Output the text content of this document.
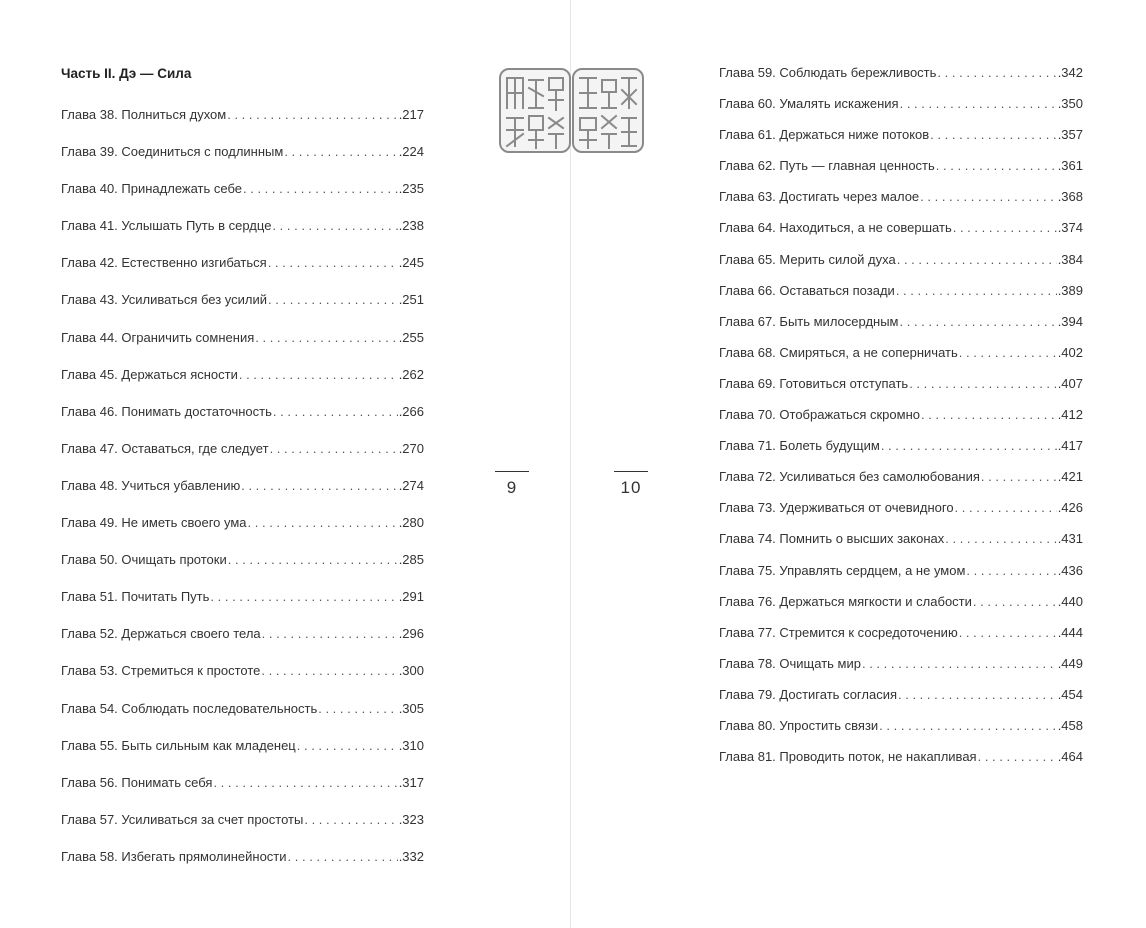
Часть II. Дэ — Сила
Глава 38. Полниться духом . . .	.217
Глава 39. Соединиться с подлинным . . .	.224
Глава 40. Принадлежать себе . . .	.235
Глава 41. Услышать Путь в сердце . . .	.238
Глава 42. Естественно изгибаться . . .	.245
Глава 43. Усиливаться без усилий . . .	.251
Глава 44. Ограничить сомнения . . .	.255
Глава 45. Держаться ясности . . .	.262
Глава 46. Понимать достаточность . . .	.266
Глава 47. Оставаться, где следует . . .	.270
Глава 48. Учиться убавлению . . .	.274
Глава 49. Не иметь своего ума . . .	.280
Глава 50. Очищать протоки . . .	.285
Глава 51. Почитать Путь . . .	.291
Глава 52. Держаться своего тела . . .	.296
Глава 53. Стремиться к простоте . . .	.300
Глава 54. Соблюдать последовательность . . .	.305
Глава 55. Быть сильным как младенец . . .	.310
Глава 56. Понимать себя . . .	.317
Глава 57. Усиливаться за счет простоты . . .	.323
Глава 58. Избегать прямолинейности . . .	.332
9	10
Глава 59. Соблюдать бережливость . . .	.342
Глава 60. Умалять искажения . . .	.350
Глава 61. Держаться ниже потоков . . .	.357
Глава 62. Путь — главная ценность . . .	.361
Глава 63. Достигать через малое . . .	.368
Глава 64. Находиться, а не совершать . . .	.374
Глава 65. Мерить силой духа . . .	.384
Глава 66. Оставаться позади . . .	.389
Глава 67. Быть милосердным . . .	.394
Глава 68. Смиряться, а не соперничать . . .	.402
Глава 69. Готовиться отступать . . .	.407
Глава 70. Отображаться скромно . . .	.412
Глава 71. Болеть будущим . . .	.417
Глава 72. Усиливаться без самолюбования . . .	.421
Глава 73. Удерживаться от очевидного . . .	.426
Глава 74. Помнить о высших законах . . .	.431
Глава 75. Управлять сердцем, а не умом . . .	.436
Глава 76. Держаться мягкости и слабости . . .	.440
Глава 77. Стремится к сосредоточению . . .	.444
Глава 78. Очищать мир . . .	.449
Глава 79. Достигать согласия . . .	.454
Глава 80. Упростить связи . . .	.458
Глава 81. Проводить поток, не накапливая . . .	.464
